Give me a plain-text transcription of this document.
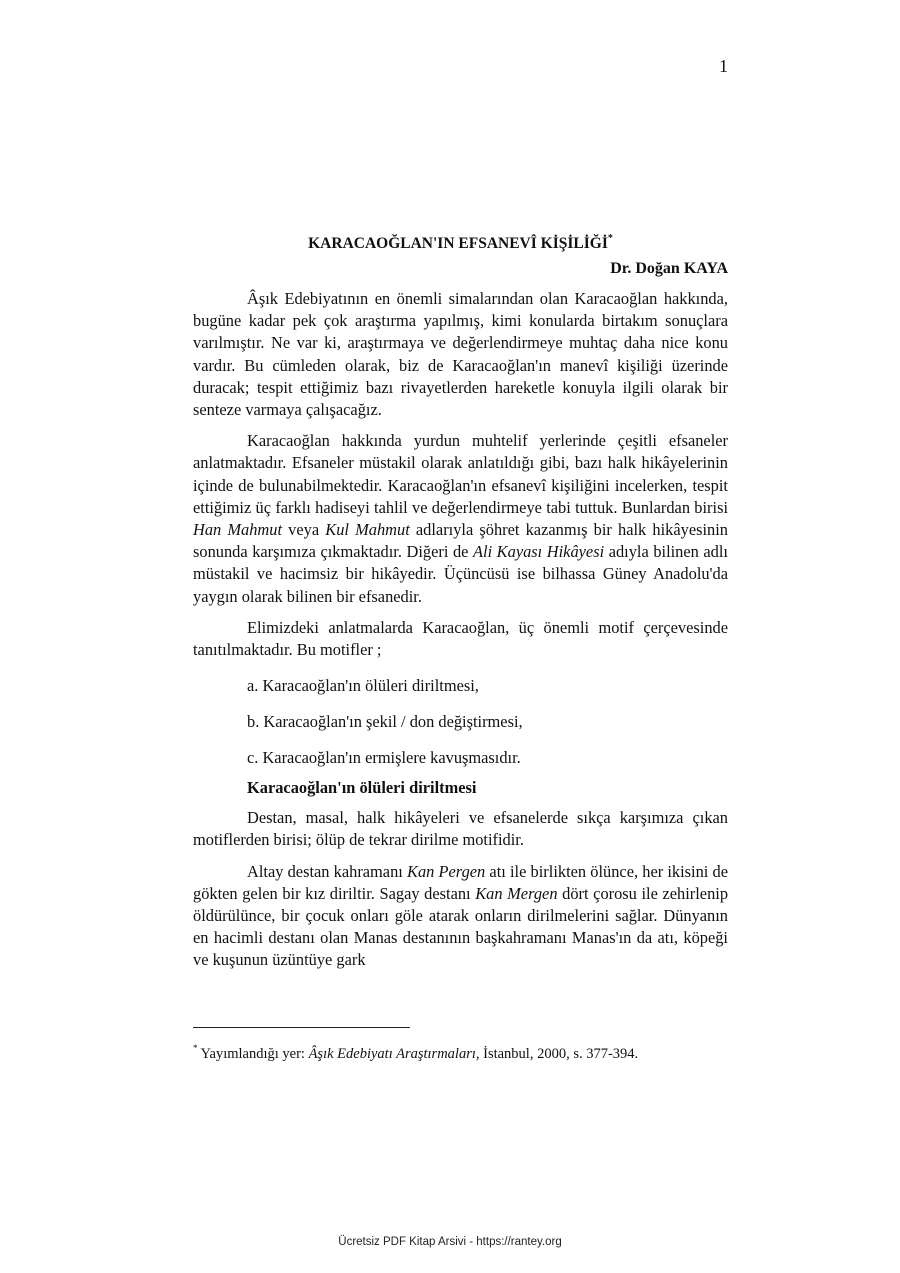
1
KARACAOĞLAN'IN EFSANEVÎ KİŞİLİĞİ*

Dr. Doğan KAYA

Âşık Edebiyatının en önemli simalarından olan Karacaoğlan hakkında, bugüne kadar pek çok araştırma yapılmış, kimi konularda birtakım sonuçlara varılmıştır. Ne var ki, araştırmaya ve değerlendirmeye muhtaç daha nice konu vardır. Bu cümleden olarak, biz de Karacaoğlan'ın manevî kişiliği üzerinde duracak; tespit ettiğimiz bazı rivayetlerden hareketle konuyla ilgili olarak bir senteze varmaya çalışacağız.

Karacaoğlan hakkında yurdun muhtelif yerlerinde çeşitli efsaneler anlatmaktadır. Efsaneler müstakil olarak anlatıldığı gibi, bazı halk hikâyelerinin içinde de bulunabilmektedir. Karacaoğlan'ın efsanevî kişiliğini incelerken, tespit ettiğimiz üç farklı hadiseyi tahlil ve değerlendirmeye tabi tuttuk. Bunlardan birisi Han Mahmut veya Kul Mahmut adlarıyla şöhret kazanmış bir halk hikâyesinin sonunda karşımıza çıkmaktadır. Diğeri de Ali Kayası Hikâyesi adıyla bilinen adlı müstakil ve hacimsiz bir hikâyedir. Üçüncüsü ise bilhassa Güney Anadolu'da yaygın olarak bilinen bir efsanedir.

Elimizdeki anlatmalarda Karacaoğlan, üç önemli motif çerçevesinde tanıtılmaktadır. Bu motifler ;

a. Karacaoğlan'ın ölüleri diriltmesi,

b. Karacaoğlan'ın şekil / don değiştirmesi,

c. Karacaoğlan'ın ermişlere kavuşmasıdır.

Karacaoğlan'ın ölüleri diriltmesi

Destan, masal, halk hikâyeleri ve efsanelerde sıkça karşımıza çıkan motiflerden birisi; ölüp de tekrar dirilme motifidir.

Altay destan kahramanı Kan Pergen atı ile birlikten ölünce, her ikisini de gökten gelen bir kız diriltir. Sagay destanı Kan Mergen dört çorosu ile zehirlenip öldürülünce, bir çocuk onları göle atarak onların dirilmelerini sağlar. Dünyanın en hacimli destanı olan Manas destanının başkahramanı Manas'ın da atı, köpeği ve kuşunun üzüntüye gark

* Yayımlandığı yer: Âşık Edebiyatı Araştırmaları, İstanbul, 2000, s. 377-394.
Ücretsiz PDF Kitap Arsivi - https://rantey.org
